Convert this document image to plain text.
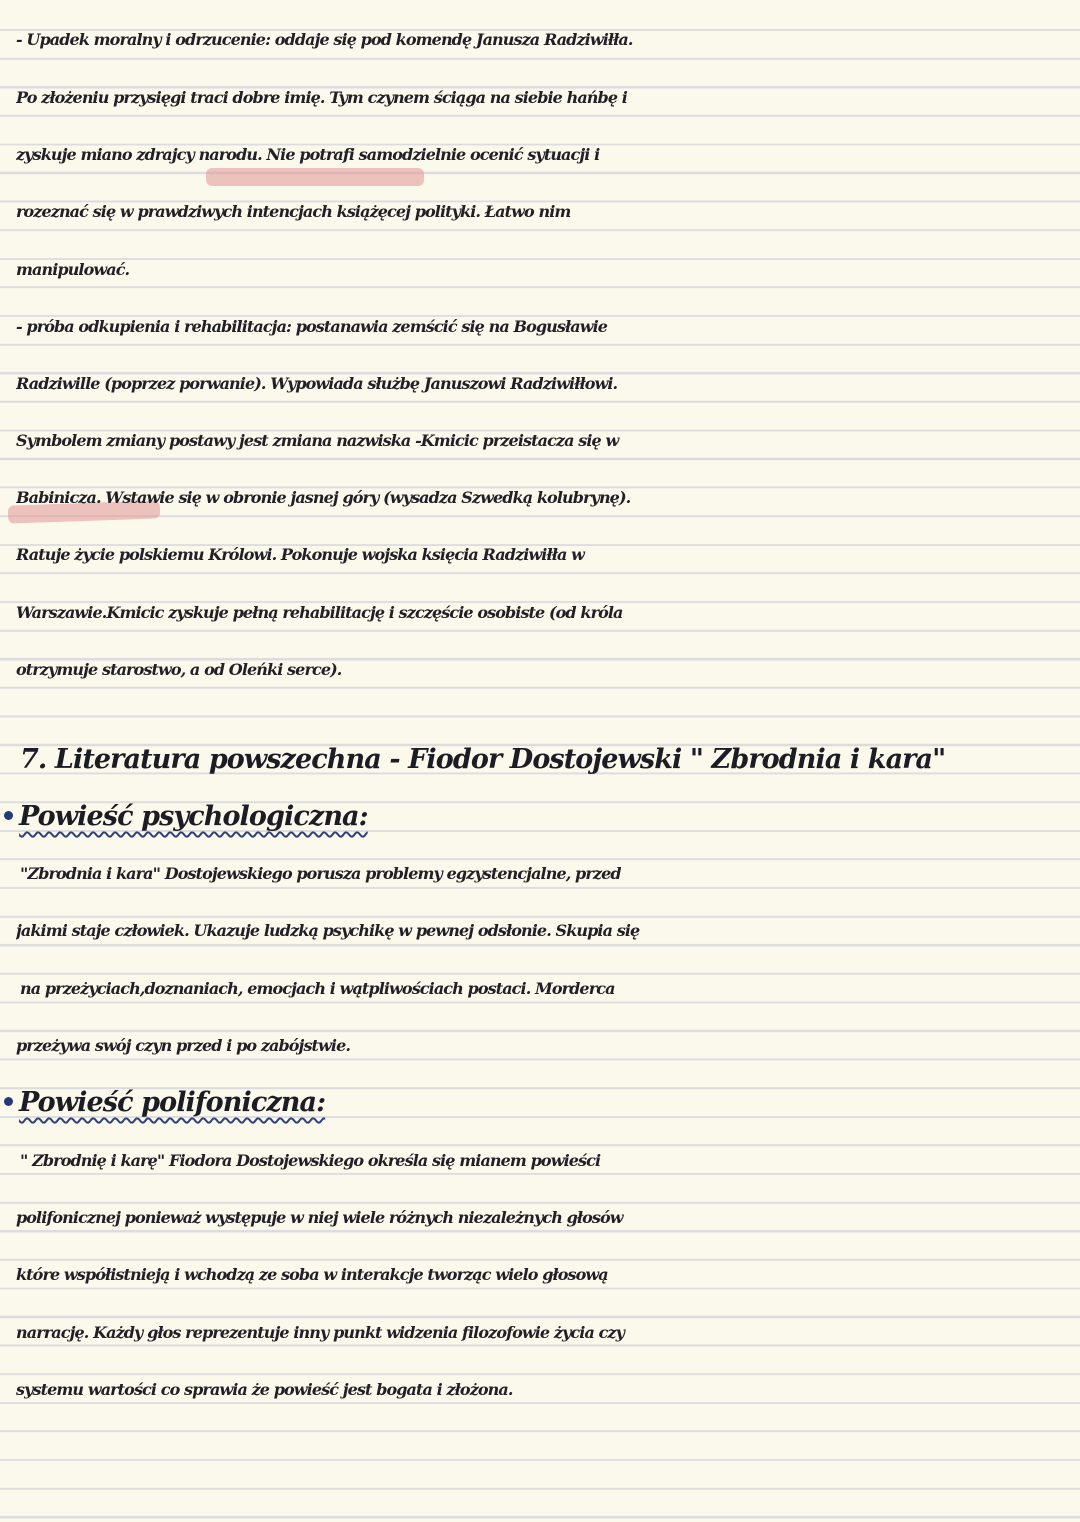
- Upadek moralny i odrzucenie: oddaje się pod komendę Janusza Radziwiłła.
Po złożeniu przysięgi traci dobre imię. Tym czynem ściąga na siebie hańbę i
zyskuje miano zdrajcy narodu. Nie potrafi samodzielnie ocenić sytuacji i
rozeznać się w prawdziwych intencjach książęcej polityki. Łatwo nim
manipulować.
- próba odkupienia i rehabilitacja: postanawia zemścić się na Bogusławie
Radziwille (poprzez porwanie). Wypowiada służbę Januszowi Radziwiłłowi.
Symbolem zmiany postawy jest zmiana nazwiska -Kmicic przeistacza się w
Babinicza. Wstawie się w obronie jasnej góry (wysadza Szwedką kolubrynę).
Ratuje życie polskiemu Królowi. Pokonuje wojska księcia Radziwiłła w
Warszawie.Kmicic zyskuje pełną rehabilitację i szczęście osobiste (od króla
otrzymuje starostwo, a od Oleńki serce).
7. Literatura powszechna - Fiodor Dostojewski " Zbrodnia i kara"
Powieść psychologiczna:
"Zbrodnia i kara" Dostojewskiego porusza problemy egzystencjalne, przed
jakimi staje człowiek. Ukazuje ludzką psychikę w pewnej odsłonie. Skupia się
na przeżyciach,doznaniach, emocjach i wątpliwościach postaci. Morderca
przeżywa swój czyn przed i po zabójstwie.
Powieść polifoniczna:
" Zbrodnię i karę" Fiodora Dostojewskiego określa się mianem powieści
polifonicznej ponieważ występuje w niej wiele różnych niezależnych głosów
które współistnieją i wchodzą ze soba w interakcje tworząc wielo głosową
narrację. Każdy głos reprezentuje inny punkt widzenia filozofowie życia czy
systemu wartości co sprawia że powieść jest bogata i złożona.
